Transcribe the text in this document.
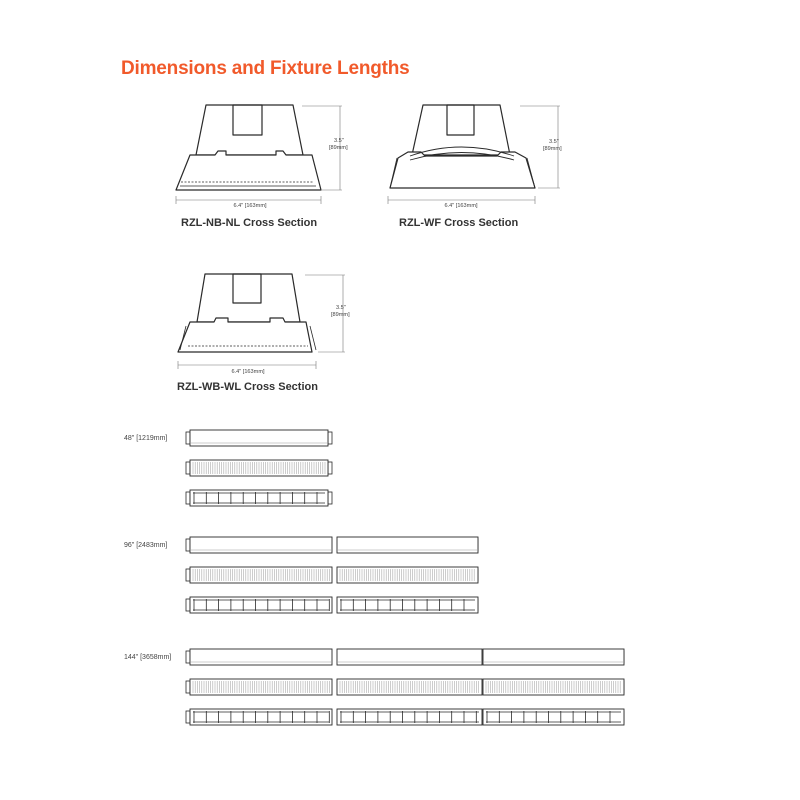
Dimensions and Fixture Lengths
3.5"
[89mm]
6.4" [163mm]
RZL-NB-NL Cross Section
3.5"
[89mm]
6.4" [163mm]
RZL-WF Cross Section
3.5"
[89mm]
6.4" [163mm]
RZL-WB-WL Cross Section
48" [1219mm]
96" [2483mm]
144" [3658mm]
